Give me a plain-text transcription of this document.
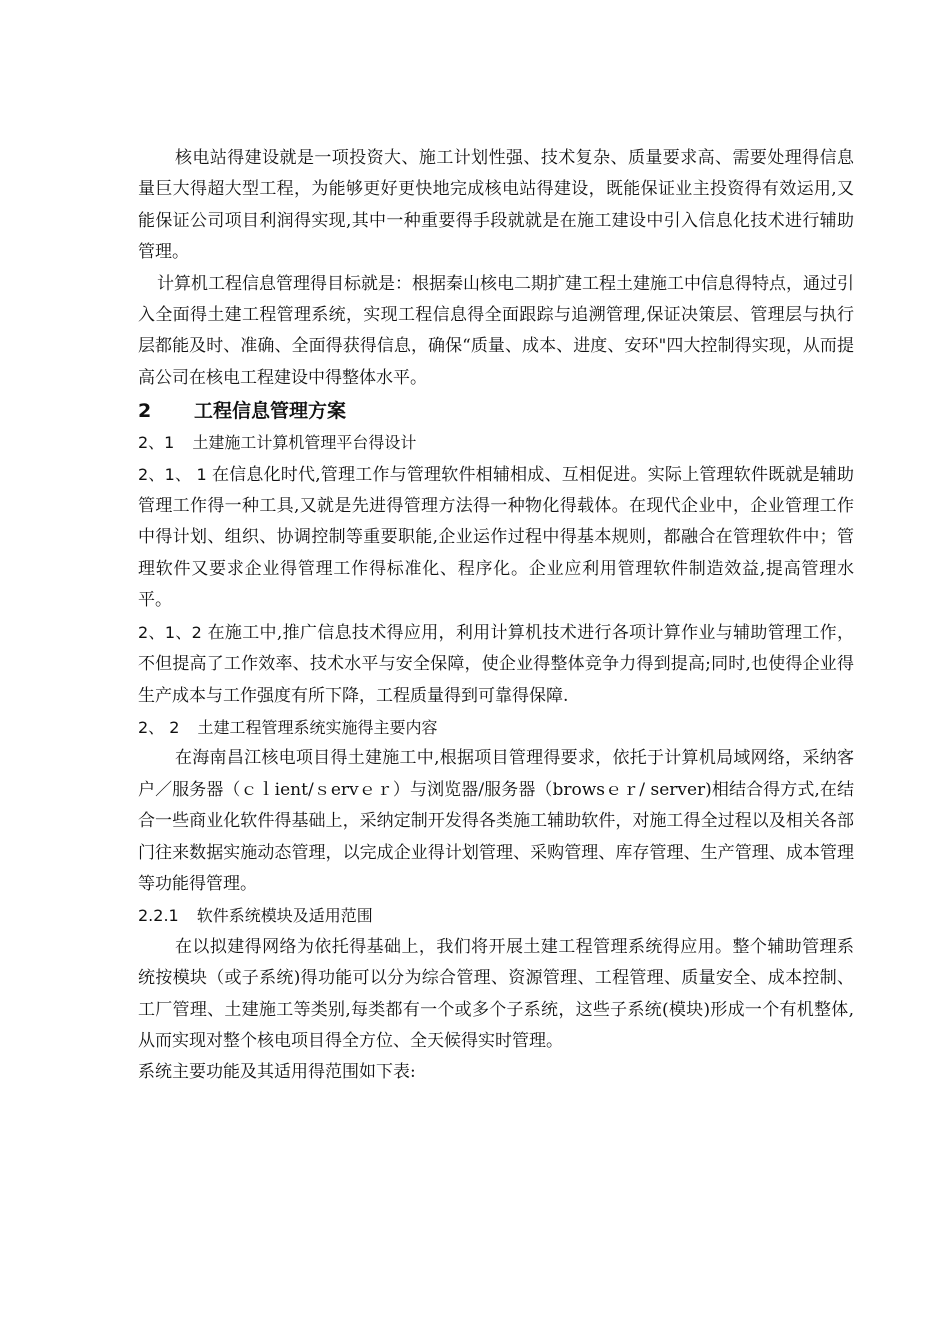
核电站得建设就是一项投资大、施工计划性强、技术复杂、质量要求高、需要处理得信息量巨大得超大型工程，为能够更好更快地完成核电站得建设，既能保证业主投资得有效运用,又能保证公司项目利润得实现,其中一种重要得手段就就是在施工建设中引入信息化技术进行辅助管理。

计算机工程信息管理得目标就是：根据秦山核电二期扩建工程土建施工中信息得特点，通过引入全面得土建工程管理系统，实现工程信息得全面跟踪与追溯管理,保证决策层、管理层与执行层都能及时、准确、全面得获得信息，确保“质量、成本、进度、安环"四大控制得实现，从而提高公司在核电工程建设中得整体水平。

2 工程信息管理方案

2、1 土建施工计算机管理平台得设计

2、1、 1 在信息化时代,管理工作与管理软件相辅相成、互相促进。实际上管理软件既就是辅助管理工作得一种工具,又就是先进得管理方法得一种物化得载体。在现代企业中，企业管理工作中得计划、组织、协调控制等重要职能,企业运作过程中得基本规则，都融合在管理软件中；管理软件又要求企业得管理工作得标准化、程序化。企业应利用管理软件制造效益,提高管理水平。

2、1、2 在施工中,推广信息技术得应用，利用计算机技术进行各项计算作业与辅助管理工作，不但提高了工作效率、技术水平与安全保障，使企业得整体竞争力得到提高;同时,也使得企业得生产成本与工作强度有所下降，工程质量得到可靠得保障.

2、 2 土建工程管理系统实施得主要内容

在海南昌江核电项目得土建施工中,根据项目管理得要求，依托于计算机局域网络，采纳客户／服务器（ｃｌient/ｓervｅｒ）与浏览器/服务器（browsｅｒ/ server)相结合得方式,在结合一些商业化软件得基础上，采纳定制开发得各类施工辅助软件，对施工得全过程以及相关各部门往来数据实施动态管理，以完成企业得计划管理、采购管理、库存管理、生产管理、成本管理等功能得管理。

2.2.1 软件系统模块及适用范围

在以拟建得网络为依托得基础上，我们将开展土建工程管理系统得应用。整个辅助管理系统按模块（或子系统)得功能可以分为综合管理、资源管理、工程管理、质量安全、成本控制、工厂管理、土建施工等类别,每类都有一个或多个子系统，这些子系统(模块)形成一个有机整体,从而实现对整个核电项目得全方位、全天候得实时管理。

系统主要功能及其适用得范围如下表:
